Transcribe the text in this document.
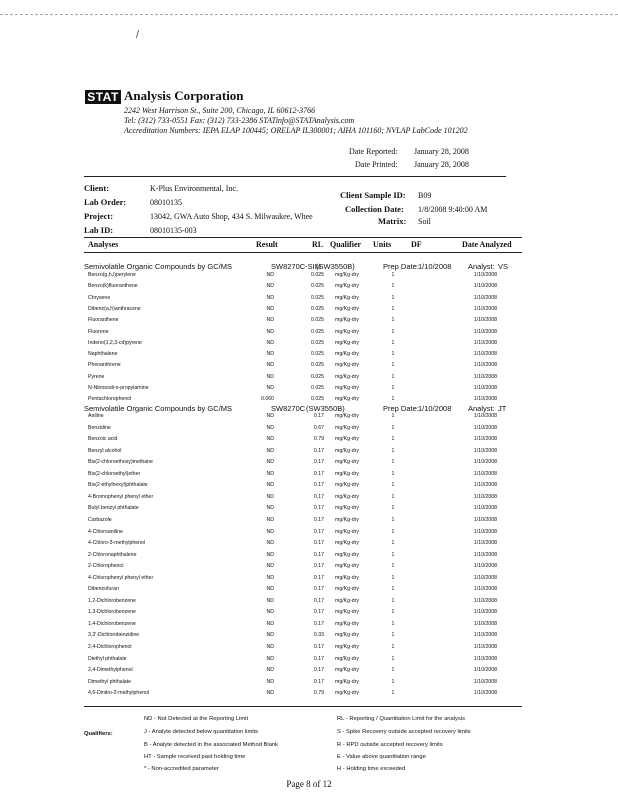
STAT Analysis Corporation
2242 West Harrison St., Suite 200, Chicago, IL 60612-3766
Tel: (312) 733-0551 Fax: (312) 733-2386 STATinfo@STATAnalysis.com
Accreditation Numbers: IEPA ELAP 100445; ORELAP IL300001; AIHA 101160; NVLAP LabCode 101202
Date Reported: January 28, 2008
Date Printed: January 28, 2008
Client:	K-Plus Environmental, Inc.
Lab Order:	08010135
Project:	13042, GWA Auto Shop, 434 S. Milwaukee, Whee
Lab ID:	08010135-003
Client Sample ID: B09
Collection Date: 1/8/2008 9:40:00 AM
Matrix: Soil
Analyses	Result	RL Qualifier Units DF	Date Analyzed
Semivolatile Organic Compounds by GC/MS	SW8270C-SIM
(SW3550B)	Prep Date: 1/10/2008 Analyst: VS
Benzo(g,h,i)perylene	ND	0.025 mg/Kg-dry	1	1/10/2008
Benzo(k)fluoranthene	ND	0.025 mg/Kg-dry	1	1/10/2008
Chrysene	ND	0.025 mg/Kg-dry	1	1/10/2008
Dibenz(a,h)anthracene	ND	0.025 mg/Kg-dry	1	1/10/2008
Fluoranthene	ND	0.025 mg/Kg-dry	1	1/10/2008
Fluorene	ND	0.025 mg/Kg-dry	1	1/10/2008
Indeno(1,2,3-cd)pyrene	ND	0.025 mg/Kg-dry	1	1/10/2008
Naphthalene	ND	0.025 mg/Kg-dry	1	1/10/2008
Phenanthrene	ND	0.025 mg/Kg-dry	1	1/10/2008
Pyrene	ND	0.025 mg/Kg-dry	1	1/10/2008
N-Nitrosodi-n-propylamine	ND	0.025 mg/Kg-dry	1	1/10/2008
Pentachlorophenol	0.060	0.025 mg/Kg-dry	1	1/10/2008
Semivolatile Organic Compounds by GC/MS	SW8270C (SW3550B)	Prep Date: 1/10/2008 Analyst: JT
Aniline	ND	0.17 mg/Kg-dry	1	1/10/2008
Benzidine	ND	0.67 mg/Kg-dry	1	1/10/2008
Benzoic acid	ND	0.79 mg/Kg-dry	1	1/10/2008
Benzyl alcohol	ND	0.17 mg/Kg-dry	1	1/10/2008
Bis(2-chloroethoxy)methane	ND	0.17 mg/Kg-dry	1	1/10/2008
Bis(2-chloroethyl)ether	ND	0.17 mg/Kg-dry	1	1/10/2008
Bis(2-ethylhexyl)phthalate	ND	0.17 mg/Kg-dry	1	1/10/2008
4-Bromophenyl phenyl ether	ND	0.17 mg/Kg-dry	1	1/10/2008
Butyl benzyl phthalate	ND	0.17 mg/Kg-dry	1	1/10/2008
Carbazole	ND	0.17 mg/Kg-dry	1	1/10/2008
4-Chloroaniline	ND	0.17 mg/Kg-dry	1	1/10/2008
4-Chloro-3-methylphenol	ND	0.17 mg/Kg-dry	1	1/10/2008
2-Chloronaphthalene	ND	0.17 mg/Kg-dry	1	1/10/2008
2-Chlorophenol	ND	0.17 mg/Kg-dry	1	1/10/2008
4-Chlorophenyl phenyl ether	ND	0.17 mg/Kg-dry	1	1/10/2008
Dibenzofuran	ND	0.17 mg/Kg-dry	1	1/10/2008
1,2-Dichlorobenzene	ND	0.17 mg/Kg-dry	1	1/10/2008
1,3-Dichlorobenzene	ND	0.17 mg/Kg-dry	1	1/10/2008
1,4-Dichlorobenzene	ND	0.17 mg/Kg-dry	1	1/10/2008
3,3'-Dichlorobenzidine	ND	0.33 mg/Kg-dry	1	1/10/2008
2,4-Dichlorophenol	ND	0.17 mg/Kg-dry	1	1/10/2008
Diethyl phthalate	ND	0.17 mg/Kg-dry	1	1/10/2008
2,4-Dimethylphenol	ND	0.17 mg/Kg-dry	1	1/10/2008
Dimethyl phthalate	ND	0.17 mg/Kg-dry	1	1/10/2008
4,6-Dinitro-2-methylphenol	ND	0.79 mg/Kg-dry	1	1/10/2008
Qualifiers:
ND - Not Detected at the Reporting Limit
J - Analyte detected below quantitation limits
B - Analyte detected in the associated Method Blank
HT - Sample received past holding time
* - Non-accredited parameter
RL - Reporting / Quantitation Limit for the analysis
S - Spike Recovery outside accepted recovery limits
R - RPD outside accepted recovery limits
E - Value above quantitation range
H - Holding time exceeded
Page 8 of 12
